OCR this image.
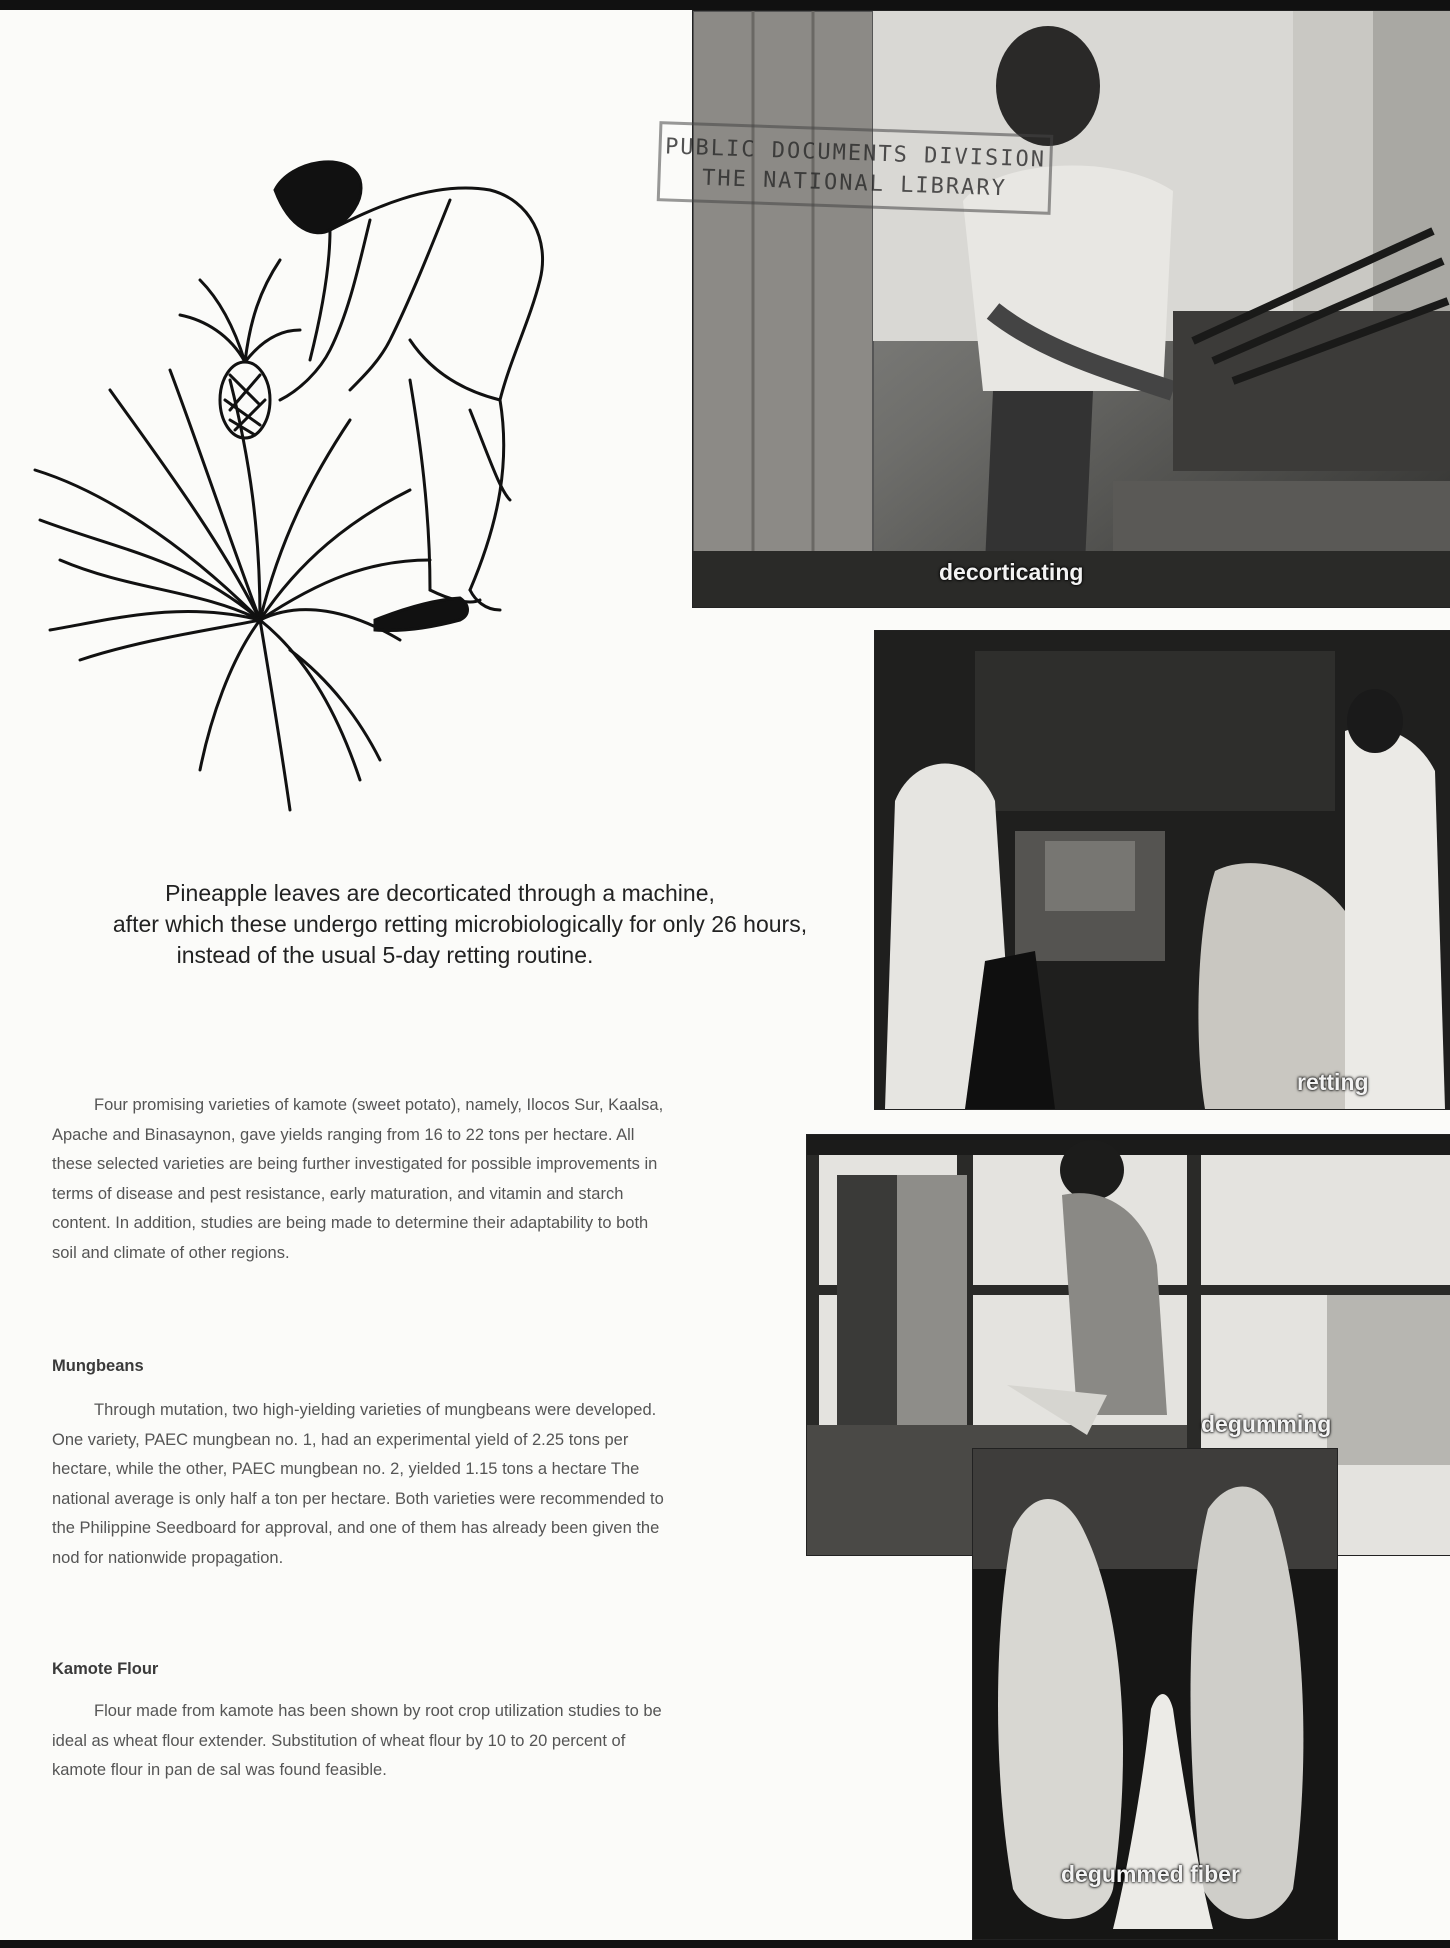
decorticating
PUBLIC DOCUMENTS DIVISION
THE NATIONAL LIBRARY
retting
degumming
degummed fiber
Pineapple leaves are decorticated through a machine,
after which these undergo retting microbiologically for only 26 hours,
instead of the usual 5-day retting routine.

Four promising varieties of kamote (sweet potato), namely, Ilocos Sur, Kaalsa, Apache and Binasaynon, gave yields ranging from 16 to 22 tons per hectare. All these selected varieties are being further investigated for possible improvements in terms of disease and pest resistance, early maturation, and vitamin and starch content. In addition, studies are being made to determine their adaptability to both soil and climate of other regions.

Mungbeans

Through mutation, two high-yielding varieties of mungbeans were developed. One variety, PAEC mungbean no. 1, had an experimental yield of 2.25 tons per hectare, while the other, PAEC mungbean no. 2, yielded 1.15 tons a hectare The national average is only half a ton per hectare. Both varieties were recommended to the Philippine Seedboard for approval, and one of them has already been given the nod for nationwide propagation.

Kamote Flour

Flour made from kamote has been shown by root crop utilization studies to be ideal as wheat flour extender. Substitution of wheat flour by 10 to 20 percent of kamote flour in pan de sal was found feasible.
